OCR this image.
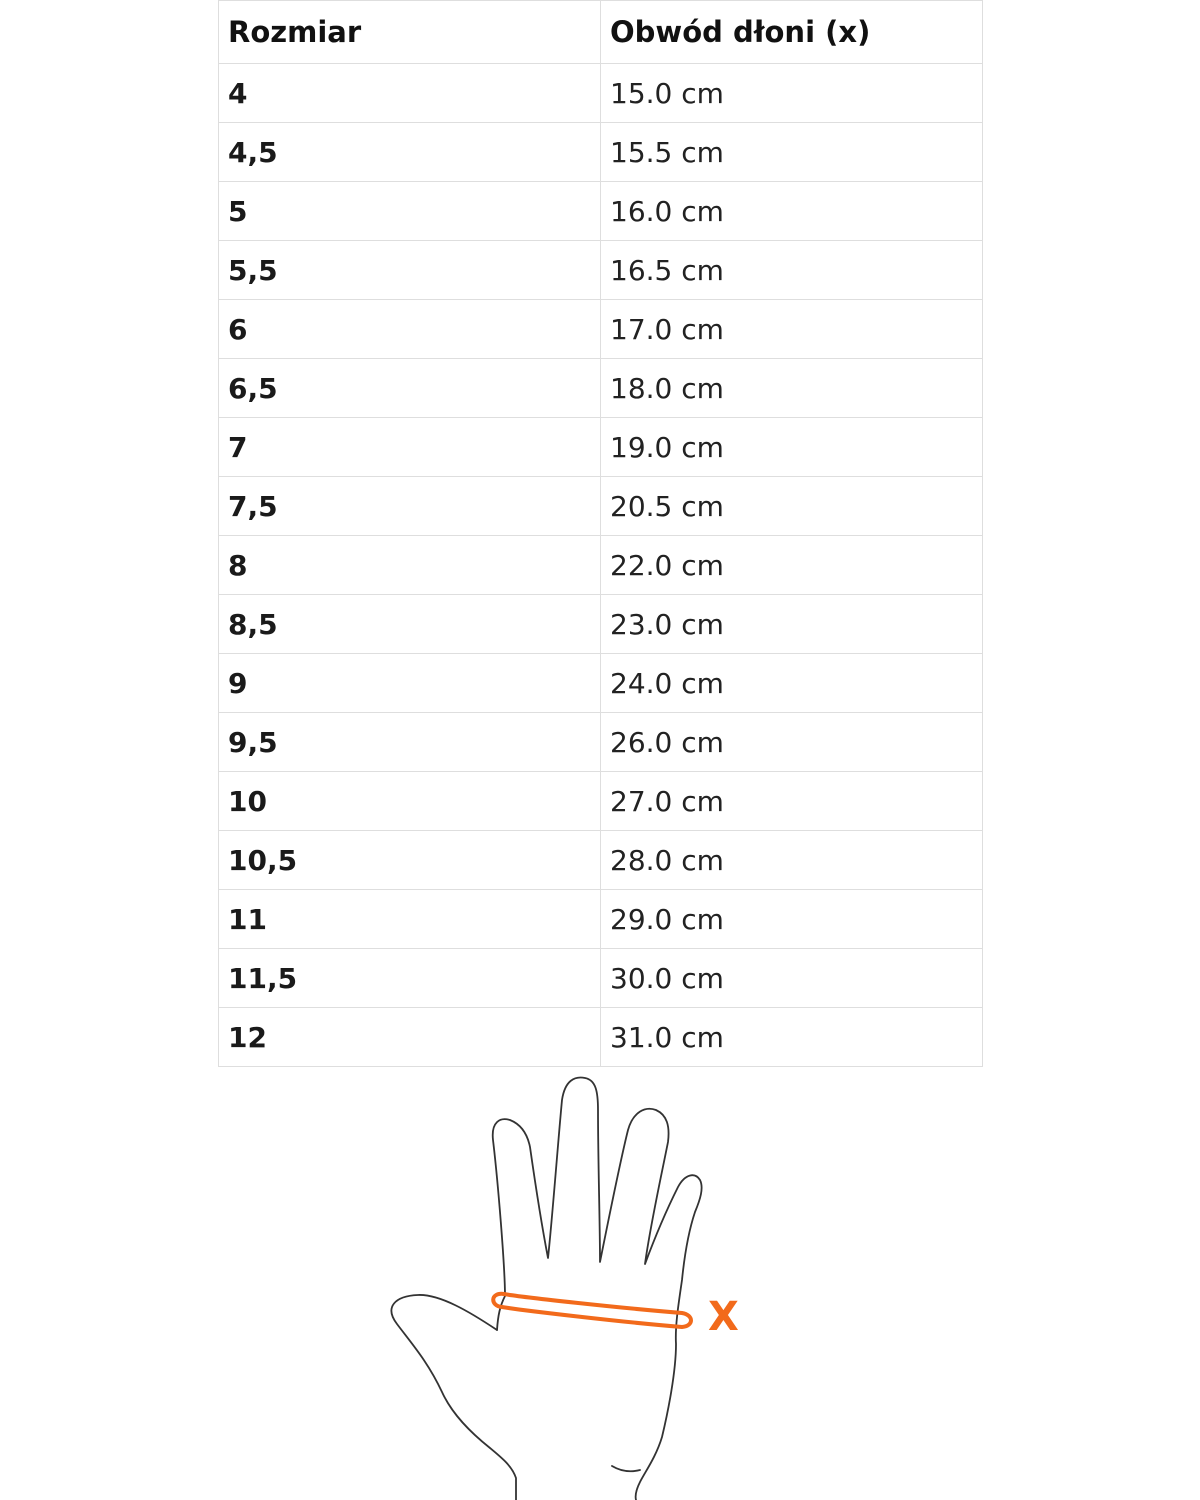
Rozmiar	Obwód dłoni (x)
4	15.0 cm
4,5	15.5 cm
5	16.0 cm
5,5	16.5 cm
6	17.0 cm
6,5	18.0 cm
7	19.0 cm
7,5	20.5 cm
8	22.0 cm
8,5	23.0 cm
9	24.0 cm
9,5	26.0 cm
10	27.0 cm
10,5	28.0 cm
11	29.0 cm
11,5	30.0 cm
12	31.0 cm
X
